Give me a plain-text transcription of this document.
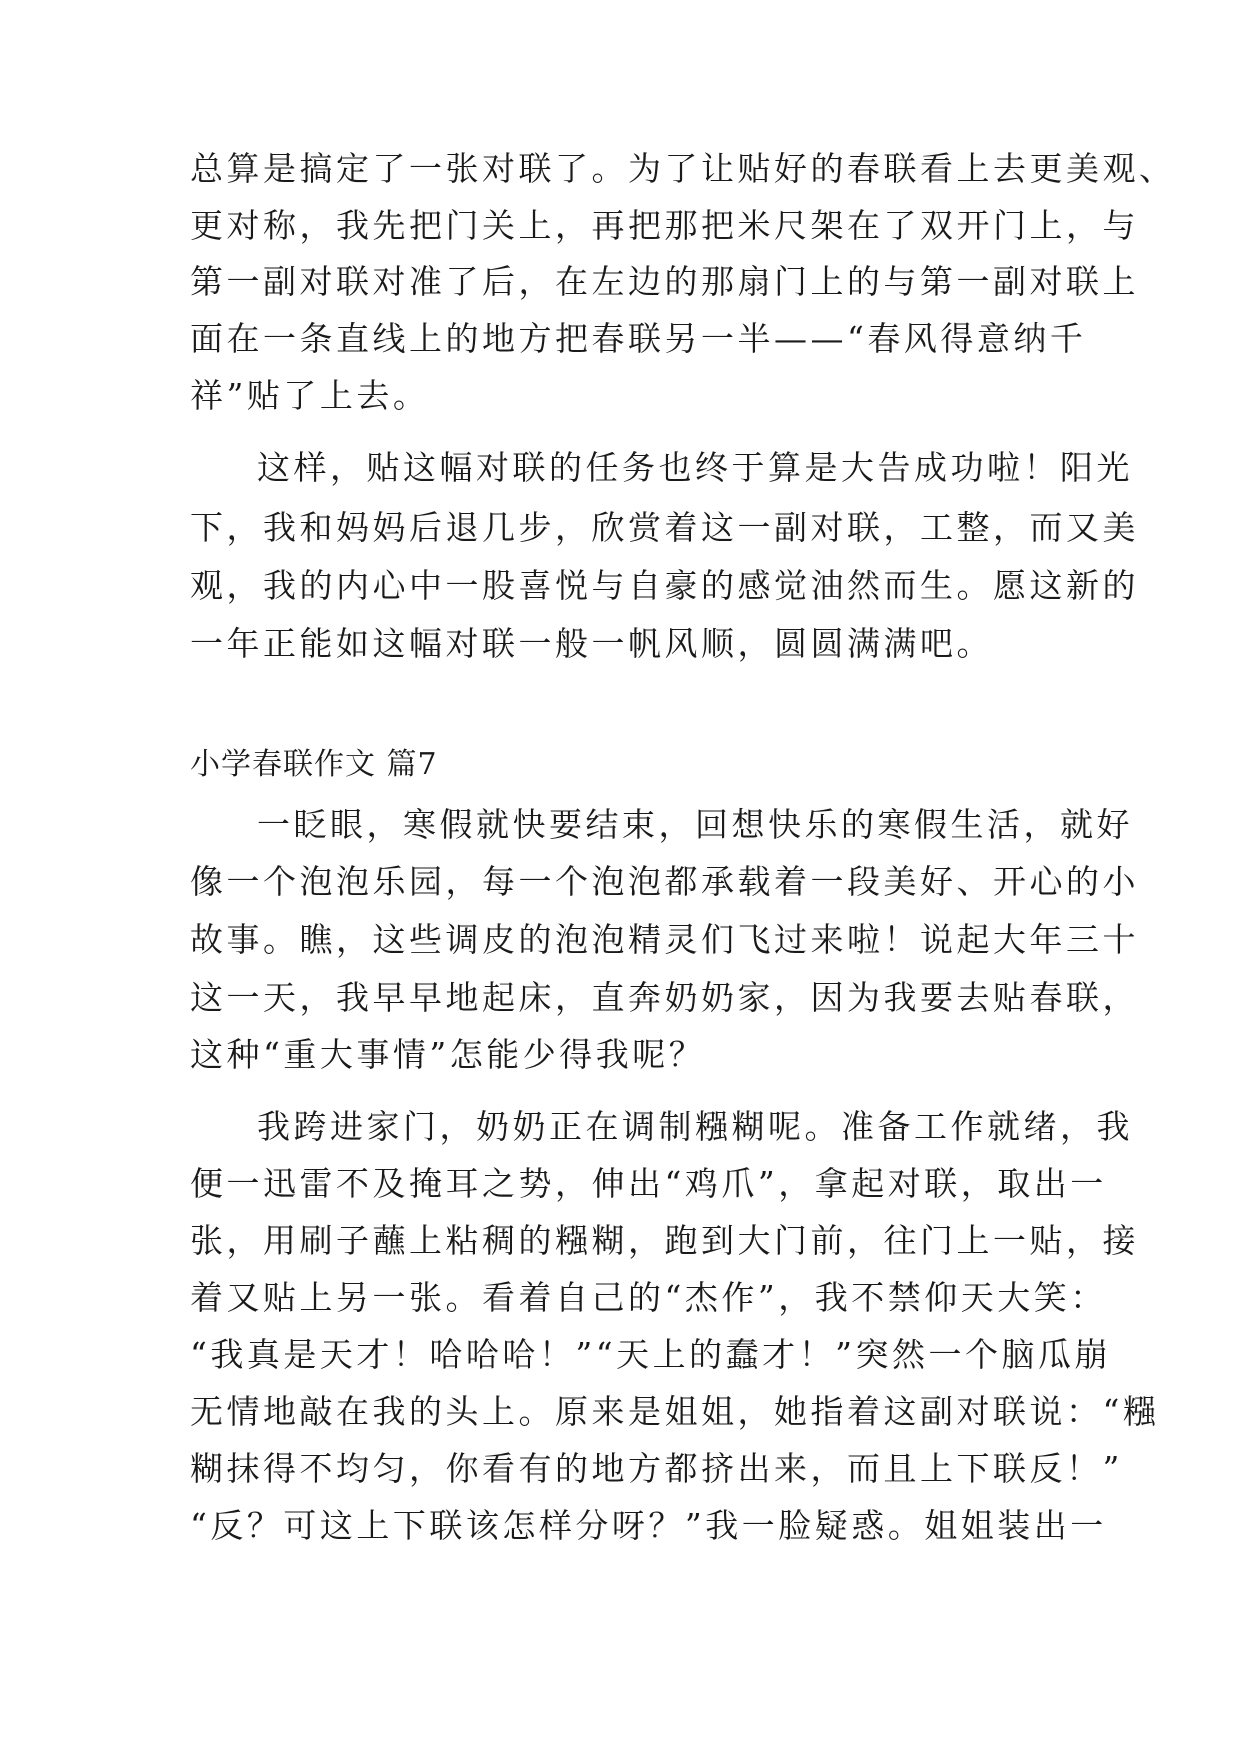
总算是搞定了一张对联了。为了让贴好的春联看上去更美观、
更对称，我先把门关上，再把那把米尺架在了双开门上，与
第一副对联对准了后，在左边的那扇门上的与第一副对联上
面在一条直线上的地方把春联另一半——“春风得意纳千
祥”贴了上去。
这样，贴这幅对联的任务也终于算是大告成功啦！阳光
下，我和妈妈后退几步，欣赏着这一副对联，工整，而又美
观，我的内心中一股喜悦与自豪的感觉油然而生。愿这新的
一年正能如这幅对联一般一帆风顺，圆圆满满吧。
小学春联作文 篇7
一眨眼，寒假就快要结束，回想快乐的寒假生活，就好
像一个泡泡乐园，每一个泡泡都承载着一段美好、开心的小
故事。瞧，这些调皮的泡泡精灵们飞过来啦！说起大年三十
这一天，我早早地起床，直奔奶奶家，因为我要去贴春联，
这种“重大事情”怎能少得我呢？
我跨进家门，奶奶正在调制糨糊呢。准备工作就绪，我
便一迅雷不及掩耳之势，伸出“鸡爪”，拿起对联，取出一
张，用刷子蘸上粘稠的糨糊，跑到大门前，往门上一贴，接
着又贴上另一张。看着自己的“杰作”，我不禁仰天大笑：
“我真是天才！哈哈哈！”“天上的蠢才！”突然一个脑瓜崩
无情地敲在我的头上。原来是姐姐，她指着这副对联说：“糨
糊抹得不均匀，你看有的地方都挤出来，而且上下联反！”
“反？可这上下联该怎样分呀？”我一脸疑惑。姐姐装出一
